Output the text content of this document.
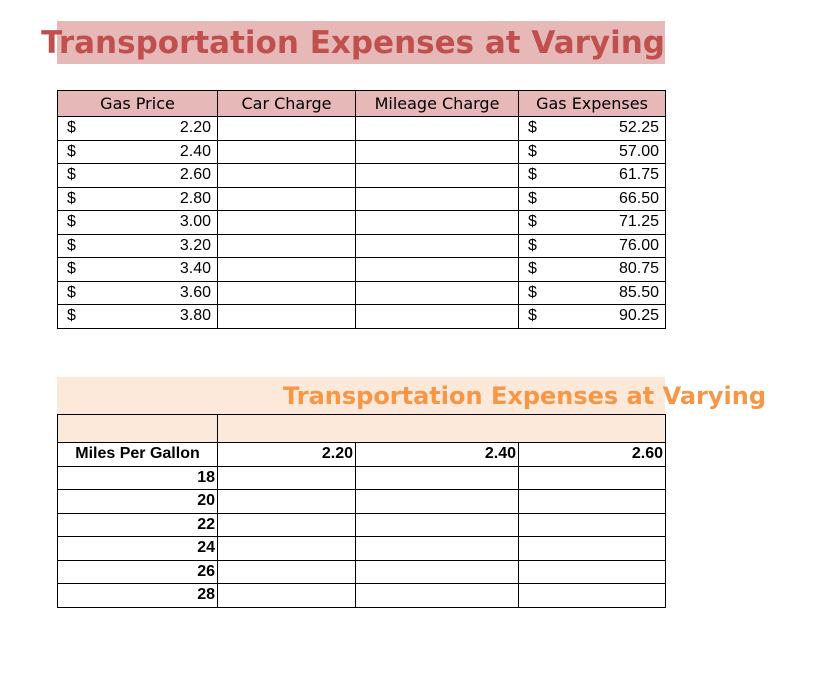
Transportation Expenses at Varying
Gas Price	Car Charge	Mileage Charge	Gas Expenses

$ 2.20			$ 52.25

$ 2.40			$ 57.00

$ 2.60			$ 61.75

$ 2.80			$ 66.50

$ 3.00			$ 71.25

$ 3.20			$ 76.00

$ 3.40			$ 80.75

$ 3.60			$ 85.50

$ 3.80			$ 90.25
Transportation Expenses at Varying

Miles Per Gallon	2.20	2.40	2.60
18			
20			
22			
24			
26			
28			
